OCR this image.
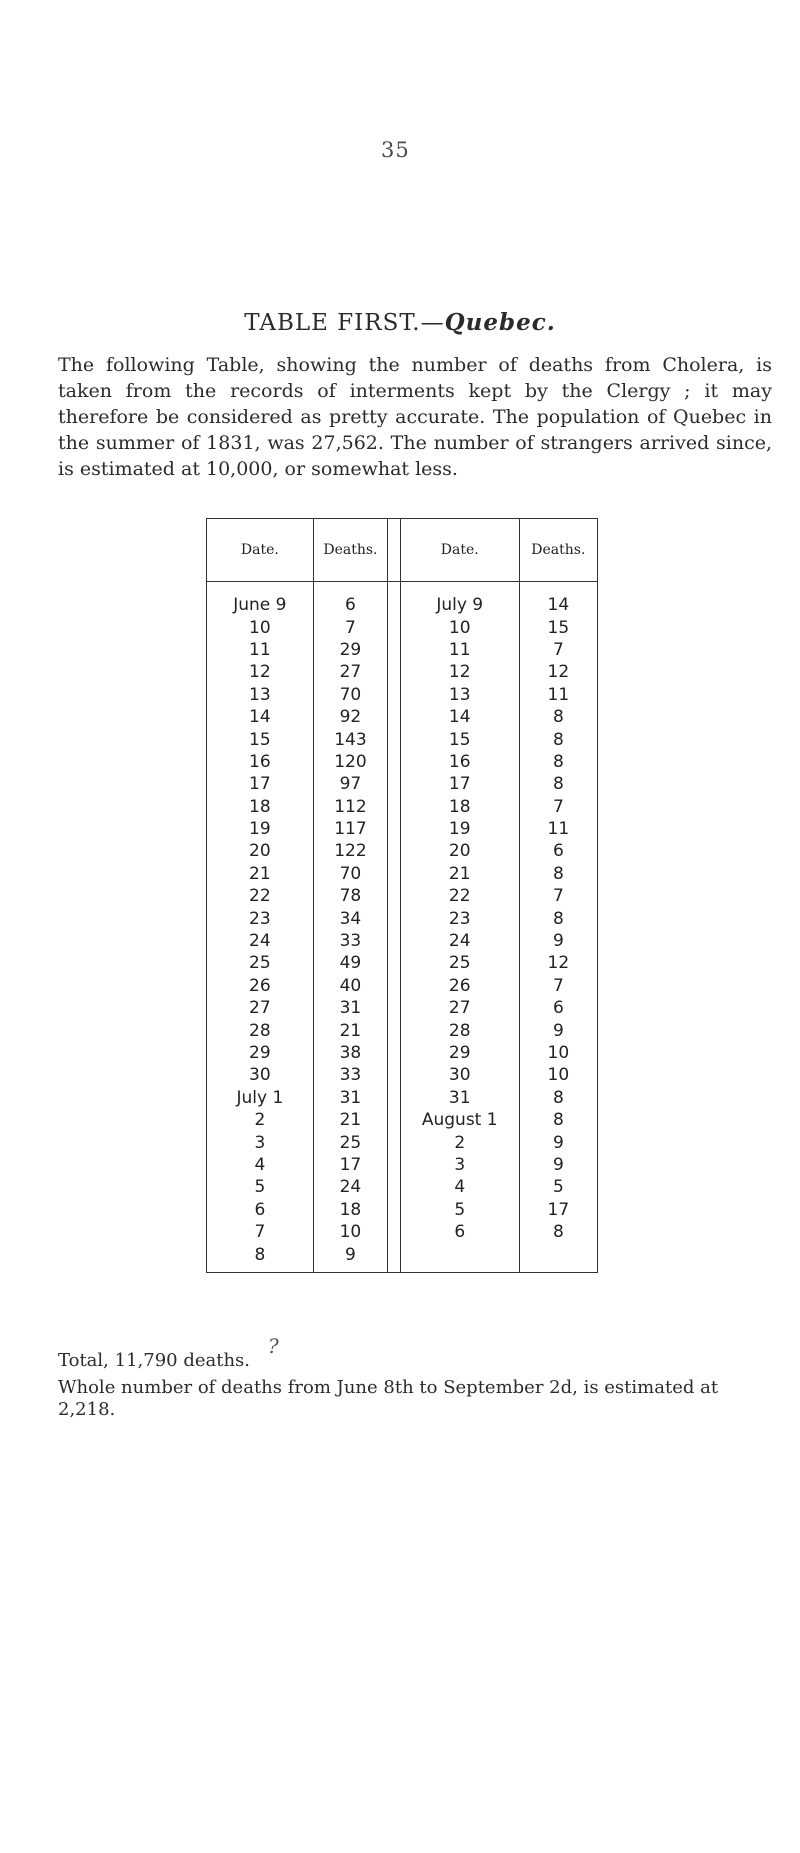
35
TABLE FIRST.—Quebec.
The following Table, showing the number of deaths from Cholera, is taken from the records of interments kept by the Clergy ; it may therefore be considered as pretty accurate. The population of Quebec in the summer of 1831, was 27,562. The number of strangers arrived since, is estimated at 10,000, or somewhat less.
Date.	Deaths.		Date.	Deaths.
June 9	6		July 9	14
10	7		10	15
11	29		11	7
12	27		12	12
13	70		13	11
14	92		14	8
15	143		15	8
16	120		16	8
17	97		17	8
18	112		18	7
19	117		19	11
20	122		20	6
21	70		21	8
22	78		22	7
23	34		23	8
24	33		24	9
25	49		25	12
26	40		26	7
27	31		27	6
28	21		28	9
29	38		29	10
30	33		30	10
July 1	31		31	8
2	21		August 1	8
3	25		2	9
4	17		3	9
5	24		4	5
6	18		5	17
7	10		6	8
8	9			
?
Total, 11,790 deaths.
Whole number of deaths from June 8th to September 2d, is estimated at 2,218.
